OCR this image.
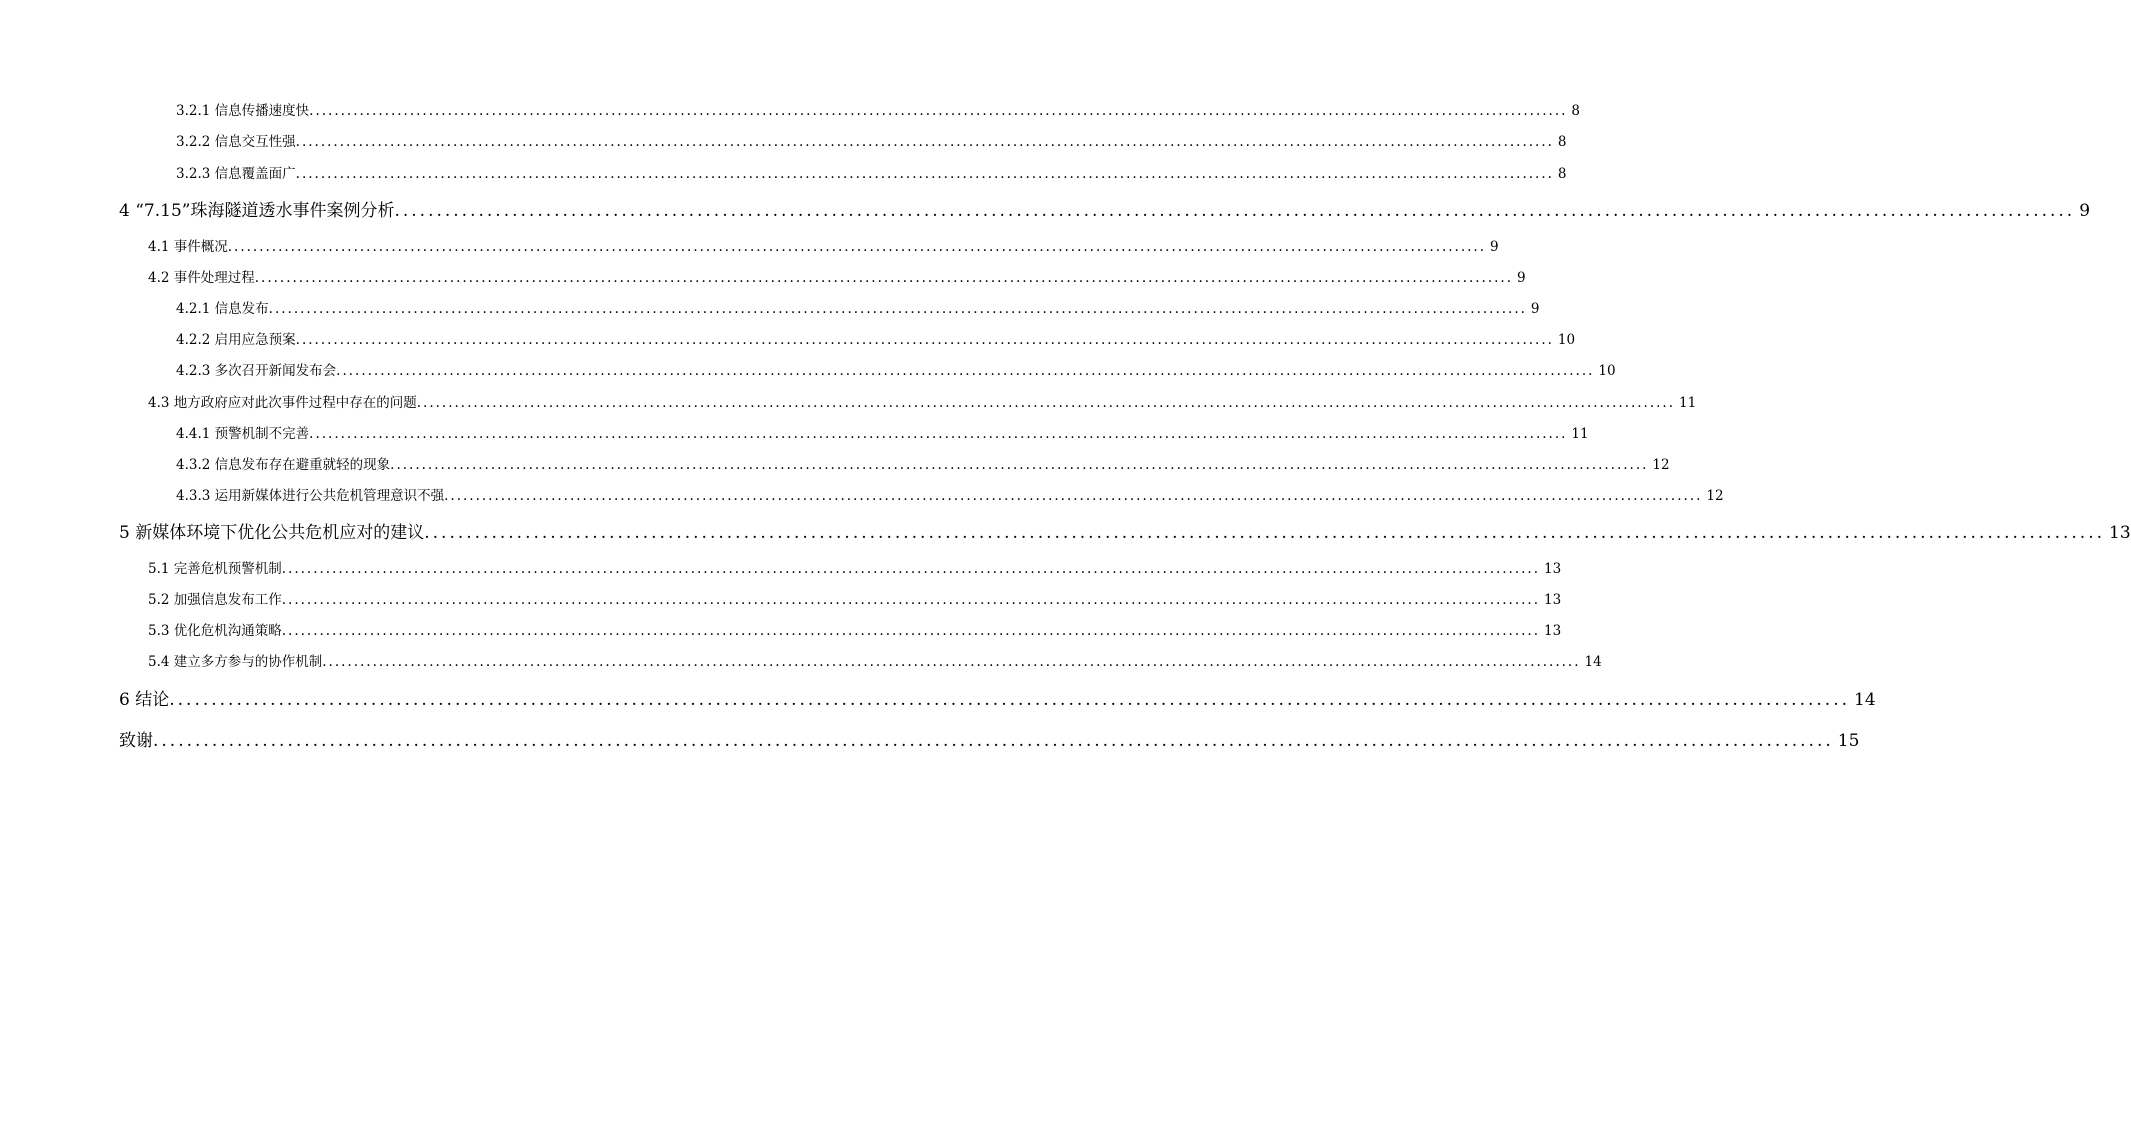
3.2.1 信息传播速度快 ........................................................................................................................................................................................................ 8
3.2.2 信息交互性强 ........................................................................................................................................................................................................ 8
3.2.3 信息覆盖面广 ........................................................................................................................................................................................................ 8
4 “7.15”珠海隧道透水事件案例分析 ........................................................................................................................................................................................................ 9
4.1 事件概况 ........................................................................................................................................................................................................ 9
4.2 事件处理过程 ........................................................................................................................................................................................................ 9
4.2.1 信息发布 ........................................................................................................................................................................................................ 9
4.2.2 启用应急预案 ........................................................................................................................................................................................................ 10
4.2.3 多次召开新闻发布会 ........................................................................................................................................................................................................ 10
4.3 地方政府应对此次事件过程中存在的问题 ........................................................................................................................................................................................................ 11
4.4.1 预警机制不完善 ........................................................................................................................................................................................................ 11
4.3.2 信息发布存在避重就轻的现象 ........................................................................................................................................................................................................ 12
4.3.3 运用新媒体进行公共危机管理意识不强 ........................................................................................................................................................................................................ 12
5 新媒体环境下优化公共危机应对的建议 ........................................................................................................................................................................................................ 13
5.1 完善危机预警机制 ........................................................................................................................................................................................................ 13
5.2 加强信息发布工作 ........................................................................................................................................................................................................ 13
5.3 优化危机沟通策略 ........................................................................................................................................................................................................ 13
5.4 建立多方参与的协作机制 ........................................................................................................................................................................................................ 14
6 结论 ........................................................................................................................................................................................................ 14
致谢 ........................................................................................................................................................................................................ 15
